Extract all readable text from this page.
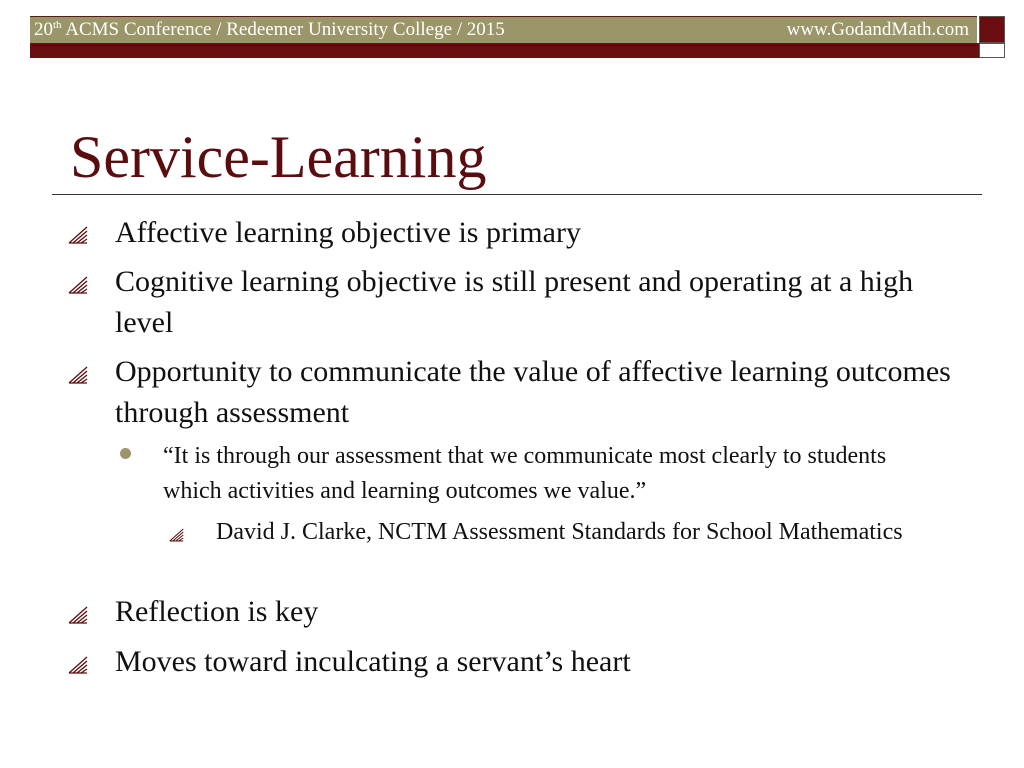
20th ACMS Conference / Redeemer University College / 2015	www.GodandMath.com
Service-Learning
Affective learning objective is primary
Cognitive learning objective is still present and operating at a high level
Opportunity to communicate the value of affective learning outcomes through assessment
“It is through our assessment that we communicate most clearly to students which activities and learning outcomes we value.”
David J. Clarke, NCTM Assessment Standards for School Mathematics
Reflection is key
Moves toward inculcating a servant’s heart
